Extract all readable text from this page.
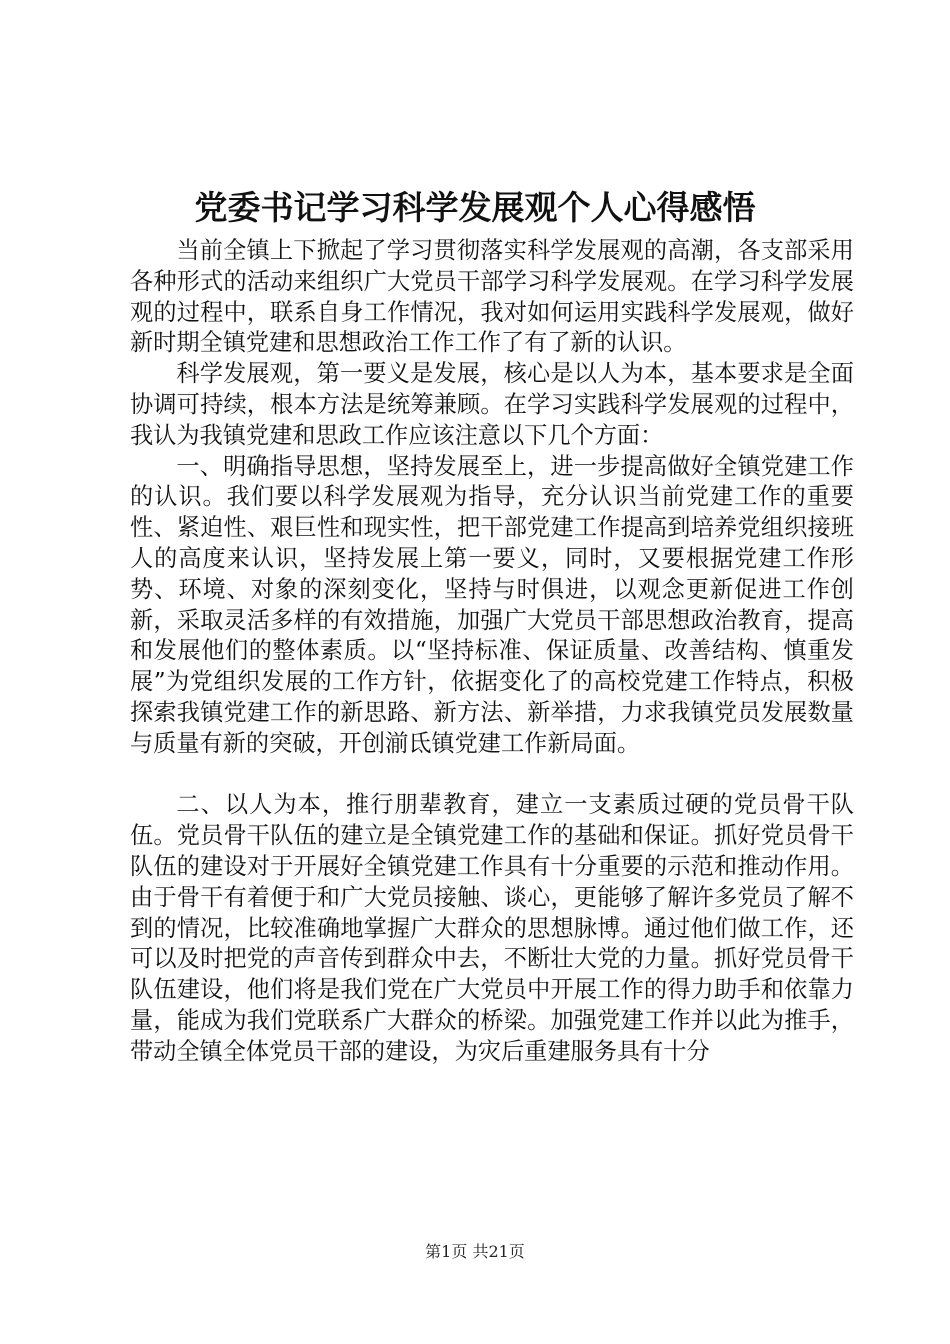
党委书记学习科学发展观个人心得感悟

当前全镇上下掀起了学习贯彻落实科学发展观的高潮，各支部采用各种形式的活动来组织广大党员干部学习科学发展观。在学习科学发展观的过程中，联系自身工作情况，我对如何运用实践科学发展观，做好新时期全镇党建和思想政治工作工作了有了新的认识。

科学发展观，第一要义是发展，核心是以人为本，基本要求是全面协调可持续，根本方法是统筹兼顾。在学习实践科学发展观的过程中，我认为我镇党建和思政工作应该注意以下几个方面：

一、明确指导思想，坚持发展至上，进一步提高做好全镇党建工作的认识。我们要以科学发展观为指导，充分认识当前党建工作的重要性、紧迫性、艰巨性和现实性，把干部党建工作提高到培养党组织接班人的高度来认识，坚持发展上第一要义，同时，又要根据党建工作形势、环境、对象的深刻变化，坚持与时俱进，以观念更新促进工作创新，采取灵活多样的有效措施，加强广大党员干部思想政治教育，提高和发展他们的整体素质。以“坚持标准、保证质量、改善结构、慎重发展”为党组织发展的工作方针，依据变化了的高校党建工作特点，积极探索我镇党建工作的新思路、新方法、新举措，力求我镇党员发展数量与质量有新的突破，开创湔氐镇党建工作新局面。

二、以人为本，推行朋辈教育，建立一支素质过硬的党员骨干队伍。党员骨干队伍的建立是全镇党建工作的基础和保证。抓好党员骨干队伍的建设对于开展好全镇党建工作具有十分重要的示范和推动作用。由于骨干有着便于和广大党员接触、谈心，更能够了解许多党员了解不到的情况，比较准确地掌握广大群众的思想脉博。通过他们做工作，还可以及时把党的声音传到群众中去，不断壮大党的力量。抓好党员骨干队伍建设，他们将是我们党在广大党员中开展工作的得力助手和依靠力量，能成为我们党联系广大群众的桥梁。加强党建工作并以此为推手，带动全镇全体党员干部的建设，为灾后重建服务具有十分

第1页 共21页
